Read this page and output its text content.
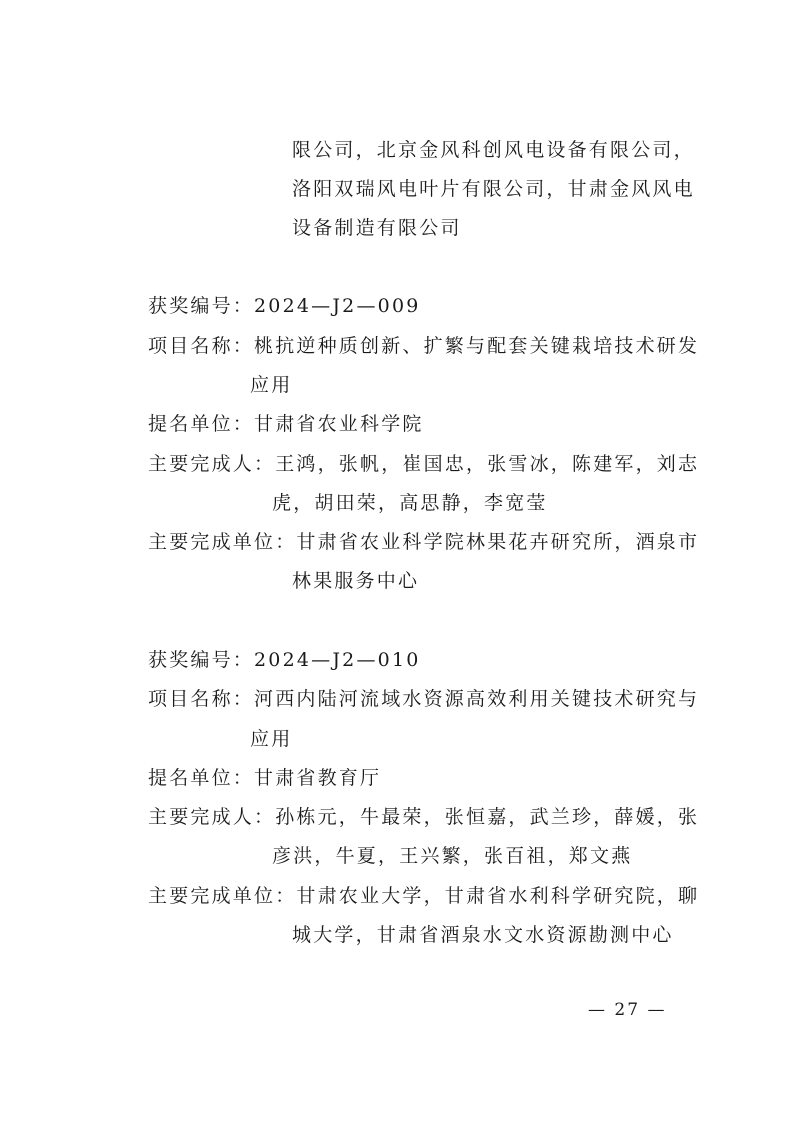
限公司，北京金风科创风电设备有限公司，
洛阳双瑞风电叶片有限公司，甘肃金风风电
设备制造有限公司
获奖编号：2024—J2—009
项目名称：桃抗逆种质创新、扩繁与配套关键栽培技术研发
应用
提名单位：甘肃省农业科学院
主要完成人：王鸿，张帆，崔国忠，张雪冰，陈建军，刘志
虎，胡田荣，高思静，李宽莹
主要完成单位：甘肃省农业科学院林果花卉研究所，酒泉市
林果服务中心
获奖编号：2024—J2—010
项目名称：河西内陆河流域水资源高效利用关键技术研究与
应用
提名单位：甘肃省教育厅
主要完成人：孙栋元，牛最荣，张恒嘉，武兰珍，薛媛，张
彦洪，牛夏，王兴繁，张百祖，郑文燕
主要完成单位：甘肃农业大学，甘肃省水利科学研究院，聊
城大学，甘肃省酒泉水文水资源勘测中心
— 27 —
